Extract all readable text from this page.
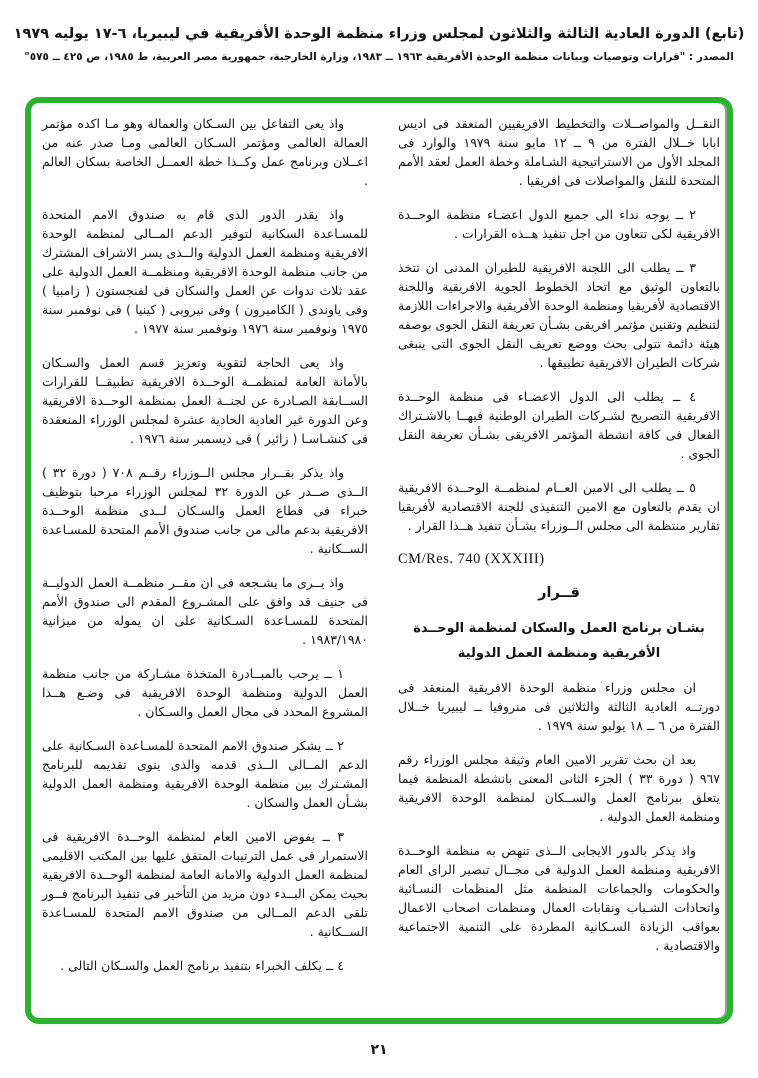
(تابع) الدورة العادية الثالثة والثلاثون لمجلس وزراء منظمة الوحدة الأفريقية في ليبيريا، ٦-١٧ يوليه ١٩٧٩
المصدر : "قرارات وتوصيات وبيانات منظمة الوحدة الأفريقية ١٩٦٣ ــ ١٩٨٣، وزارة الخارجية، جمهورية مصر العربية، ط ١٩٨٥، ص ٤٢٥ ــ ٥٧٥"

النقــل والمواصــلات والتخطيط الافريقيين المنعقد فى اديس ابابا خــلال الفترة من ٩ ــ ١٢ مايو سنة ١٩٧٩ والوارد فى المجلد الأول من الاستراتيجية الشـاملة وخطة العمل لعقد الأمم المتحدة للنقل والمواصلات فى افريقيا .

٢ ــ يوجه نداء الى جميع الدول اعضـاء منظمة الوحــدة الافريقية لكى تتعاون من اجل تنفيذ هــذه القرارات .

٣ ــ يطلب الى اللجنة الافريقية للطيران المدنى ان تتخذ بالتعاون الوثيق مع اتحاد الخطوط الجوية الافريقية واللجنة الاقتصادية لأفريقيا ومنظمة الوحدة الأفريقية والاجراءات اللازمة لتنظيم وتقنين مؤتمر افريقى بشـأن تعريفة النقل الجوى بوصفه هيئة دائمة تتولى بحث ووضع تعريف النقل الجوى التى ينبغى شركات الطيران الافريقية تطبيقها .

٤ ــ يطلب الى الدول الاعضـاء فى منظمة الوحــدة الافريقية التصريح لشـركات الطيران الوطنية فيهــا بالاشـتراك الفعال فى كافة انشطة المؤتمر الافريقى بشـأن تعريفة النقل الجوى .

٥ ــ يطلب الى الامين العــام لمنظمــة الوحــدة الافريقية ان يقدم بالتعاون مع الامين التنفيذى للجنة الاقتصادية لأفريقيا تقارير منتظمة الى مجلس الــوزراء بشـأن تنفيذ هــذا القرار .

CM/Res. 740 (XXXIII)

قــرار

بشـان برنامج العمل والسكان لمنظمة الوحــدة
الأفريقية ومنظمة العمل الدولية

ان مجلس وزراء منظمة الوحدة الافريقية المنعقد فى دورتــه العادية الثالثة والثلاثين فى منروفيا ــ ليبيريا خــلال الفترة من ٦ ــ ١٨ يوليو سنة ١٩٧٩ .

بعد ان بحث تقرير الامين العام وثيقة مجلس الوزراء رقم ٩٦٧ ( دورة ٣٣ ) الجزء الثانى المعنى بانشطة المنظمة فيما يتعلق ببرنامج العمل والســكان لمنظمة الوحدة الافريقية ومنظمة العمل الدولية .

واذ يذكر بالدور الايجابى الــذى تنهض به منظمة الوحــدة الافريقية ومنظمة العمل الدولية فى مجــال تبصير الراى العام والحكومات والجماعات المنظمة مثل المنظمات النسـائية واتحادات الشـباب ونقابات العمال ومنظمات اصحاب الاعمال بعواقب الزيادة السـكانية المطردة على التنمية الاجتماعية والاقتصادية .

واذ يعى التفاعل بين السـكان والعمالة وهو مـا اكده مؤتمر العمالة العالمى ومؤتمر السـكان العالمى ومـا صدر عنه من اعــلان وبرنامج عمل وكــذا خطة العمــل الخاصة بسكان العالم .

واذ يقدر الدور الذى قام به صندوق الامم المتحدة للمسـاعدة السكانية لتوفير الدعم المــالى لمنظمة الوحدة الافريقية ومنظمة العمل الدولية والــذى يسر الاشراف المشترك من جانب منظمة الوحدة الافريقية ومنظمــة العمل الدولية على عقد ثلاث ندوات عن العمل والسكان فى لفنجستون ( زامبيا ) وفى ياوندى ( الكاميرون ) وفى نيروبى ( كينيا ) فى نوفمبر سنة ١٩٧٥ ونوفمبر سنة ١٩٧٦ ونوفمبر سنة ١٩٧٧ .

واذ يعى الحاجة لتقوية وتعزيز قسم العمل والسـكان بالأمانة العامة لمنظمــة الوحــدة الافريقية تطبيقــا للقرارات الســابقة الصـادرة عن لجنــة العمل بمنظمة الوحــدة الافريقية وعن الدورة غير العادية الحادية عشرة لمجلس الوزراء المنعقدة فى كنشـاسـا ( زائير ) فى ديسمبر سنة ١٩٧٦ .

واذ يذكر بقــرار مجلس الــوزراء رقــم ٧٠٨ ( دورة ٣٢ ) الــذى صــدر عن الدورة ٣٢ لمجلس الوزراء مرحبا بتوظيف خبراء فى قطاع العمل والسـكان لــدى منظمة الوحــدة الافريقية بدعم مالى من جانب صندوق الأمم المتحدة للمسـاعدة الســكانية .

واذ يــرى ما يشـجعه فى ان مقــر منظمــة العمل الدوليــة فى جنيف قد وافق على المشـروع المقدم الى صندوق الأمم المتحدة للمسـاعدة السـكانية على ان يموله من ميزانية ١٩٨٣/١٩٨٠ .

١ ــ يرحب بالمبــادرة المتخذة مشـاركة من جانب منظمة العمل الدولية ومنظمة الوحدة الافريقية فى وضـع هــذا المشروع المحدد فى مجال العمل والسـكان .

٢ ــ يشكر صندوق الامم المتحدة للمسـاعدة السـكانية على الدعم المــالى الــذى قدمه والذى ينوى تقديمه للبرنامج المشـترك بين منظمة الوحدة الافريقية ومنظمة العمل الدولية بشـأن العمل والسكان .

٣ ــ يفوض الامين العام لمنظمة الوحــدة الافريقية فى الاستمرار فى عمل الترتيبات المتفق عليها بين المكتب الاقليمى لمنظمة العمل الدولية والامانة العامة لمنظمة الوحــدة الافريقية بحيث يمكن البــدء دون مزيد من التأخير فى تنفيذ البرنامج فــور تلقى الدعم المــالى من صندوق الامم المتحدة للمسـاعدة الســكانية .

٤ ــ يكلف الخبراء بتنفيذ برنامج العمل والسـكان التالى .

٢١
